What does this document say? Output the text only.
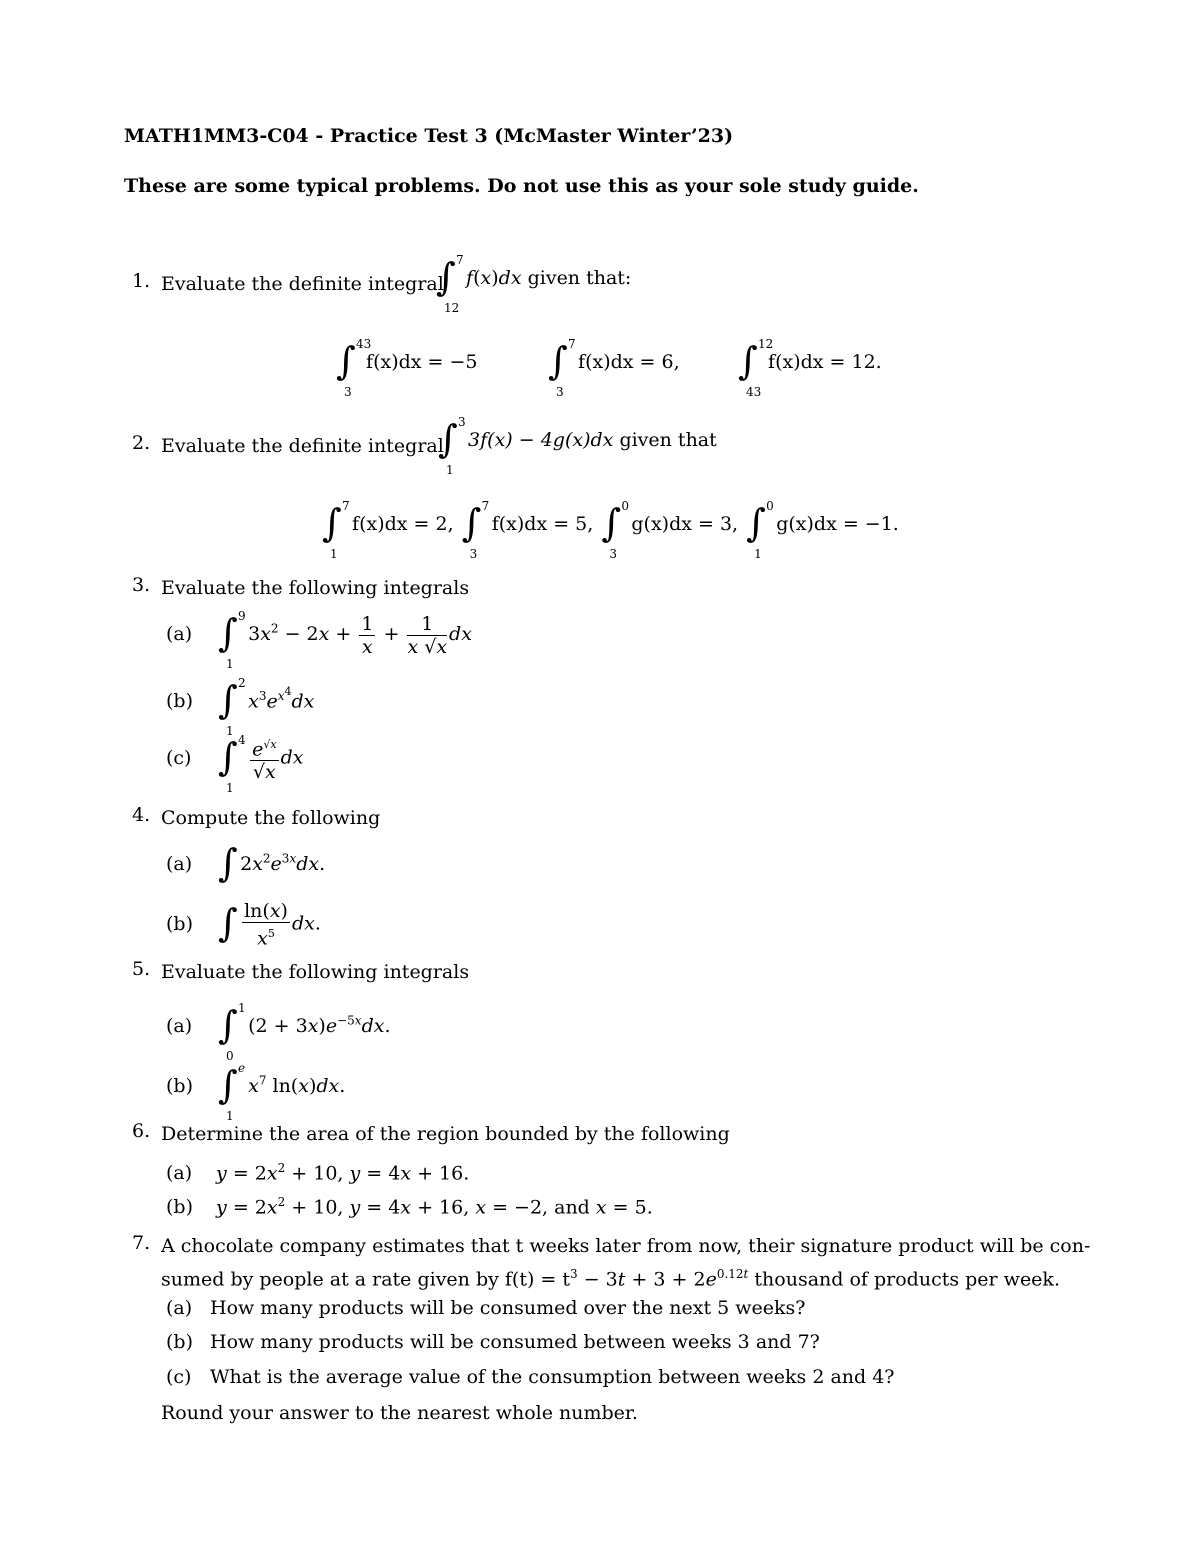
MATH1MM3-C04 - Practice Test 3 (McMaster Winter’23)

These are some typical problems. Do not use this as your sole study guide.

1. Evaluate the definite integral
∫ 7
12
f(x)dx given that:
∫ 43
3
f(x)dx = −5 ∫ 7
3
f(x)dx = 6, ∫ 12
43
f(x)dx = 12.
2. Evaluate the definite integral
∫ 3
1
3f(x) − 4g(x)dx given that
∫ 7
1
f(x)dx = 2, ∫ 7
3
f(x)dx = 5, ∫ 0
3
g(x)dx = 3, ∫ 0
1
g(x)dx = −1.
3. Evaluate the following integrals
(a) ∫ 9
1
$3x^2 - 2x + \frac{1}{x} + \frac{1}{x √x}$ dx
(b) ∫ 2
1
$x^3e^{x4}dx$
(c) ∫ 4
1

$\frac{e^{√x}}{√x}$ dx
4. Compute the following
(a) ∫
$2x^2e^{3x}dx$.
(b) ∫
$\frac{\ln(x)}{x^5}$ dx.
5. Evaluate the following integrals
(a) ∫ 1
0
$(2 + 3x)e^{-5x}dx$.
(b) ∫ e
1
$x^7$ ln(x)dx.
6. Determine the area of the region bounded by the following
(a) $y = 2x^2 + 10$, y = 4x + 16.
(b) $y = 2x^2 + 10$, y = 4x + 16, x = −2, and x = 5.
7. A chocolate company estimates that t weeks later from now, their signature product will be con-
sumed by people at a rate given by $f(t) = t^3 - 3t + 3 + 2e^{0.12t}$ thousand of products per week.
(a) How many products will be consumed over the next 5 weeks?
(b) How many products will be consumed between weeks 3 and 7?
(c) What is the average value of the consumption between weeks 2 and 4?
Round your answer to the nearest whole number.
